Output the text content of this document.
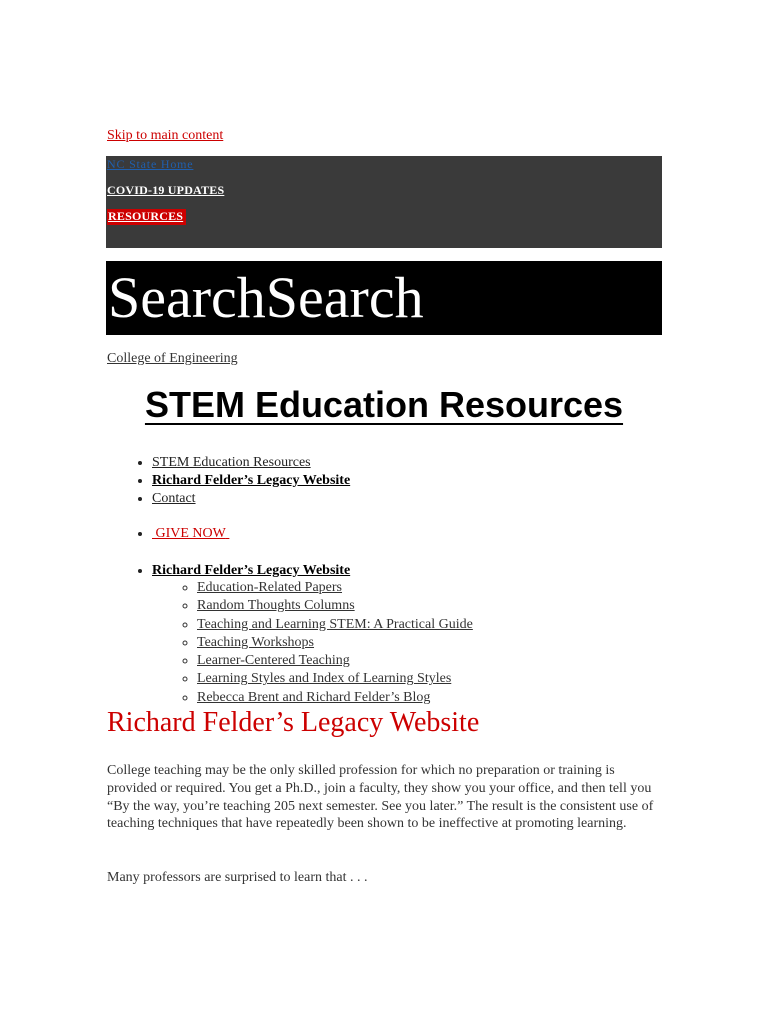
Skip to main content
NC State Home
COVID-19 UPDATES
RESOURCES
SearchSearch
College of Engineering
STEM Education Resources
• STEM Education Resources
• Richard Felder’s Legacy Website
• Contact
•  GIVE NOW
• Richard Felder’s Legacy Website
◦ Education-Related Papers
◦ Random Thoughts Columns
◦ Teaching and Learning STEM: A Practical Guide
◦ Teaching Workshops
◦ Learner-Centered Teaching
◦ Learning Styles and Index of Learning Styles
◦ Rebecca Brent and Richard Felder’s Blog
Richard Felder’s Legacy Website

College teaching may be the only skilled profession for which no preparation or training is provided or required. You get a Ph.D., join a faculty, they show you your office, and then tell you “By the way, you’re teaching 205 next semester. See you later.” The result is the consistent use of teaching techniques that have repeatedly been shown to be ineffective at promoting learning.

Many professors are surprised to learn that . . .
